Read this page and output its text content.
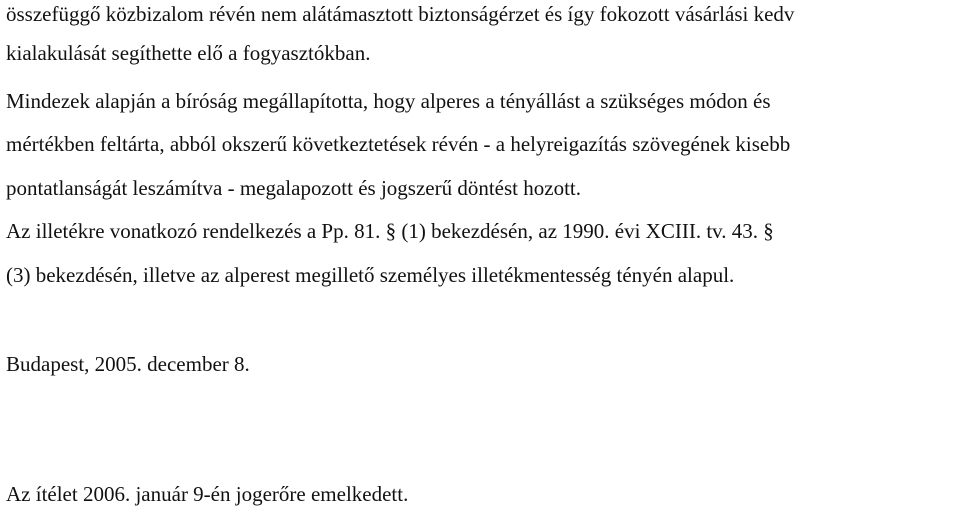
összefüggő közbizalom révén nem alátámasztott biztonságérzet és így fokozott vásárlási kedv
kialakulását segíthette elő a fogyasztókban.
Mindezek alapján a bíróság megállapította, hogy alperes a tényállást a szükséges módon és
mértékben feltárta, abból okszerű következtetések révén - a helyreigazítás szövegének kisebb
pontatlanságát leszámítva - megalapozott és jogszerű döntést hozott.
Az illetékre vonatkozó rendelkezés a Pp. 81. § (1) bekezdésén, az 1990. évi XCIII. tv. 43. §
(3) bekezdésén, illetve az alperest megillető személyes illetékmentesség tényén alapul.
Budapest, 2005. december 8.
Az ítélet 2006. január 9-én jogerőre emelkedett.
